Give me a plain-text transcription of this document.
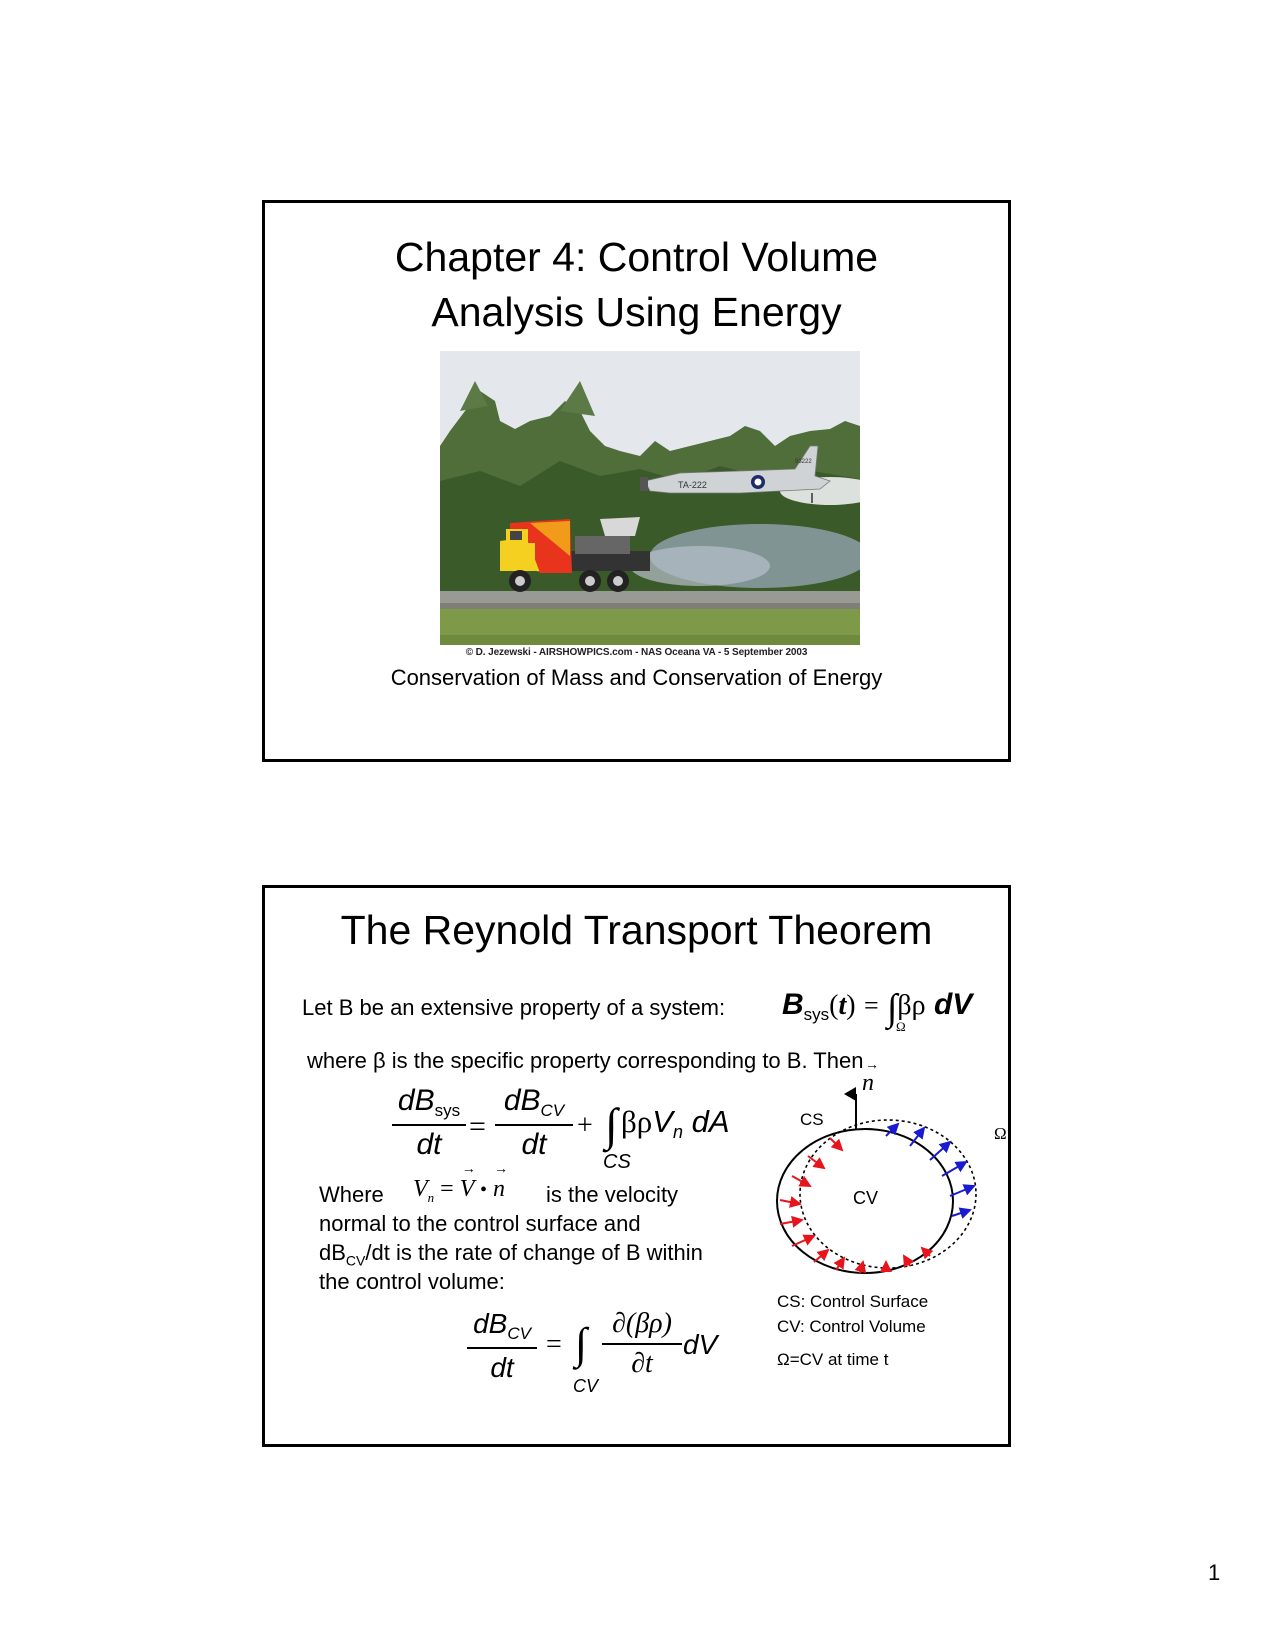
Chapter 4: Control Volume
Analysis Using Energy
TA-222
93222
© D. Jezewski - AIRSHOWPICS.com - NAS Oceana VA - 5 September 2003
Conservation of Mass and Conservation of Energy
The Reynold Transport Theorem
Let B be an extensive property of a system: $B_{sys}(t) = \int\beta\rho$ dV
Ω
where β is the specific property corresponding to B. Then
$dB_{sys}$
dt
=
$dB_{CV}$
dt
+ ∫ βρVn dA
CS
Where $V_n$ =
→
V •
→
n is the velocity
normal to the control surface and
$dB_{CV}/dt$ is the rate of change of B within
the control volume:
$dB_{CV}$
dt
= ∫
CV
∂(βρ)
∂t
dV
→
n
CS
CV
Ω
CS: Control Surface
CV: Control Volume
Ω=CV at time t
1
